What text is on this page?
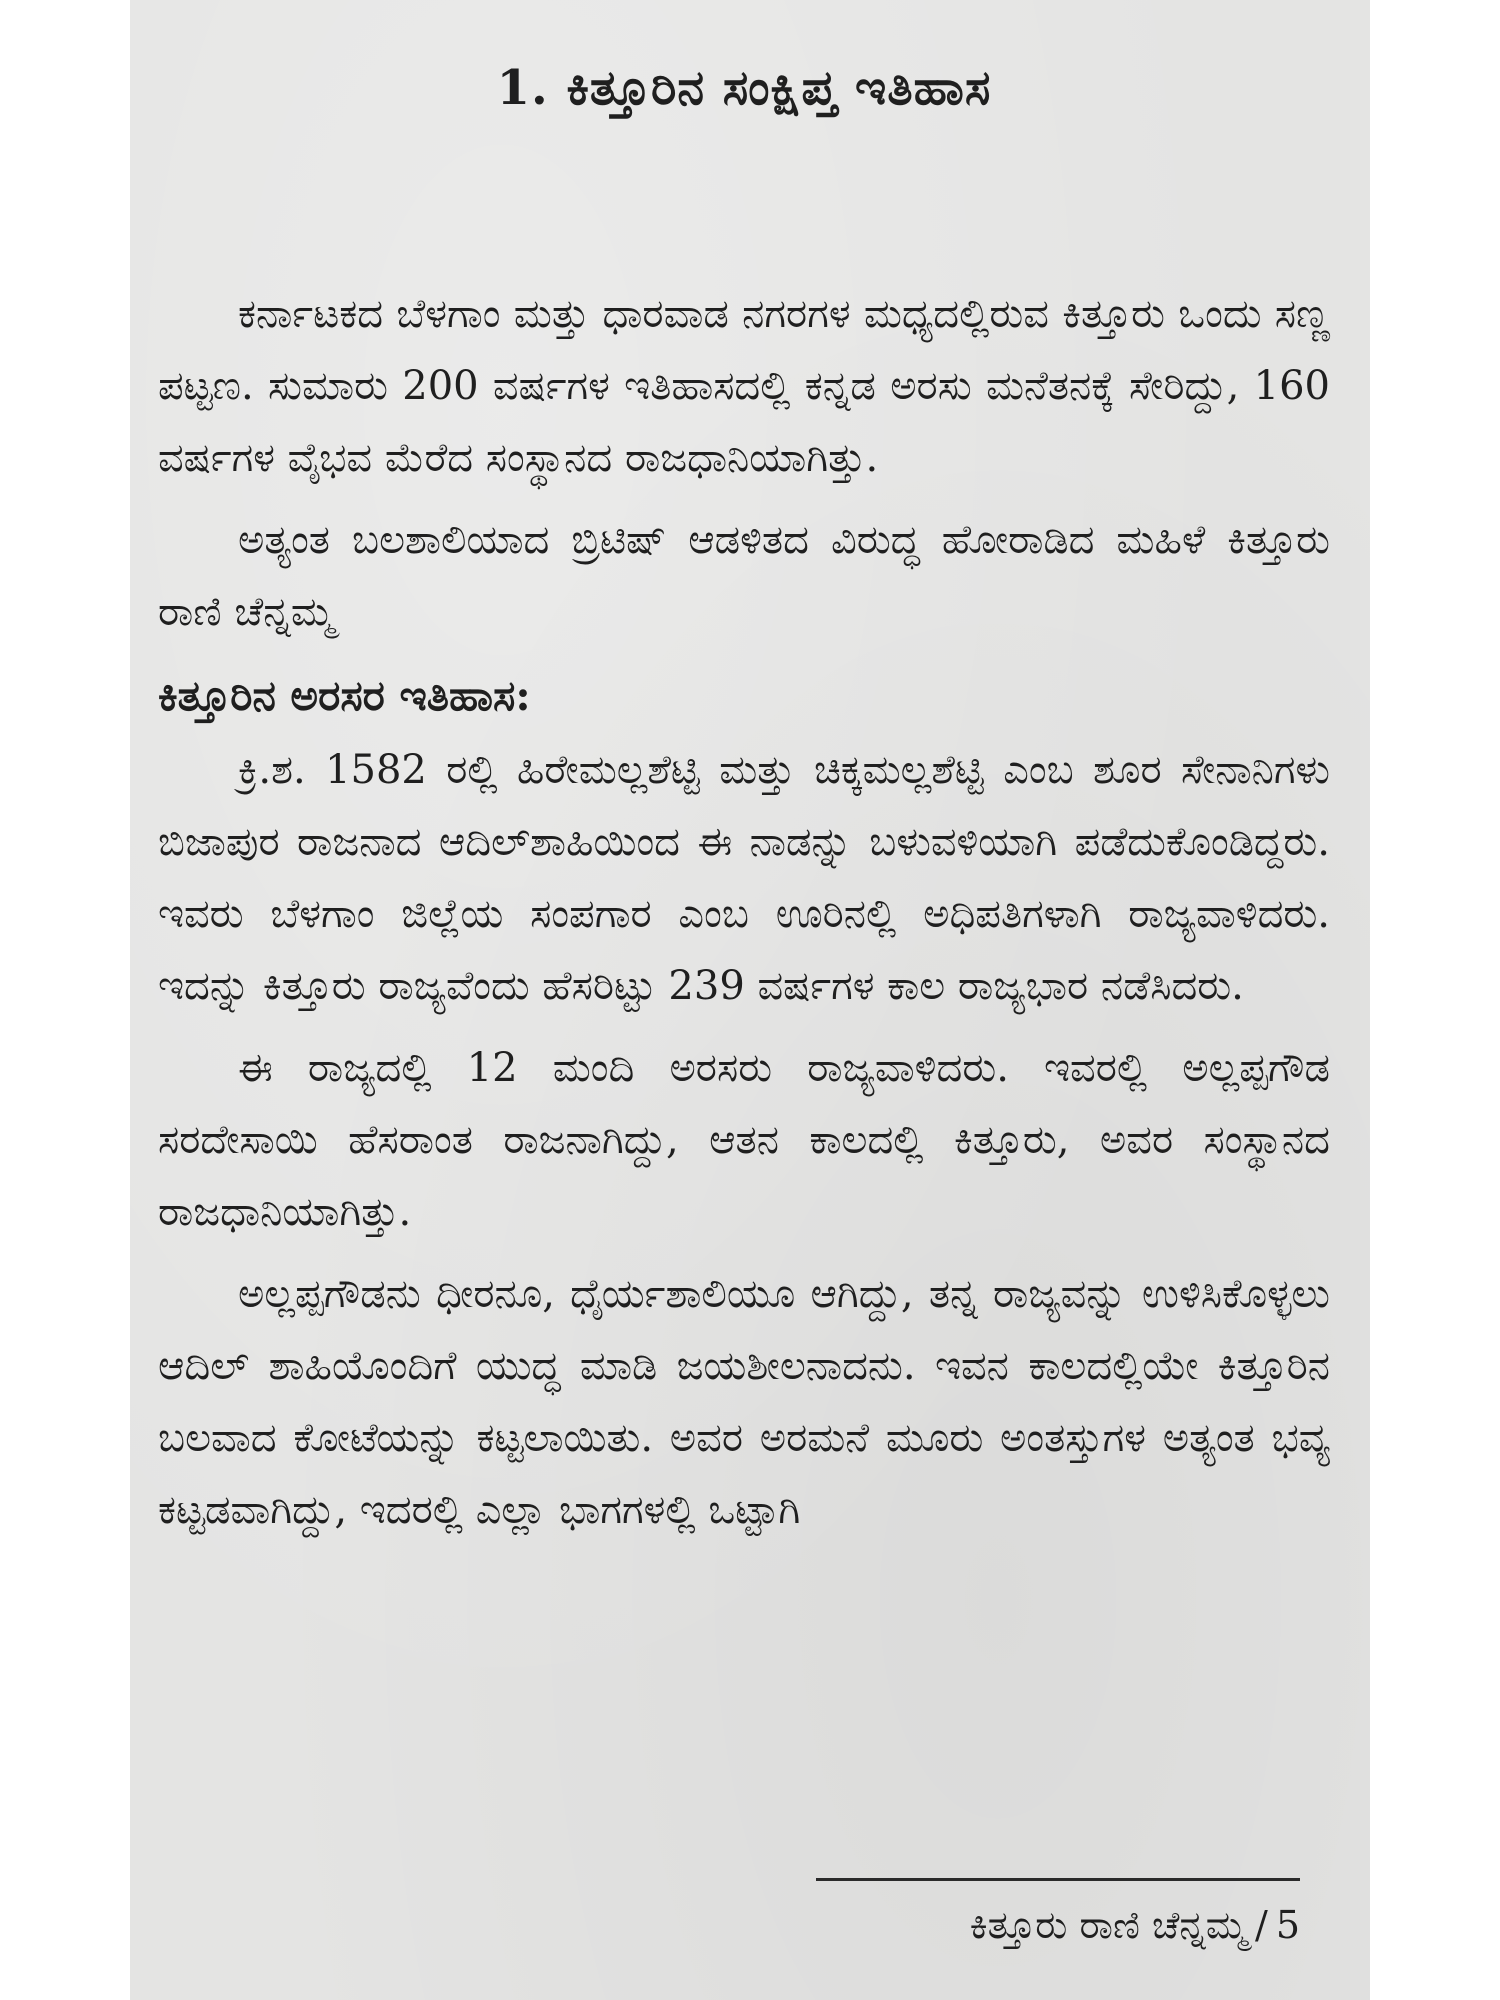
1. ಕಿತ್ತೂರಿನ ಸಂಕ್ಷಿಪ್ತ ಇತಿಹಾಸ

ಕರ್ನಾಟಕದ ಬೆಳಗಾಂ ಮತ್ತು ಧಾರವಾಡ ನಗರಗಳ ಮಧ್ಯದಲ್ಲಿರುವ ಕಿತ್ತೂರು ಒಂದು ಸಣ್ಣ ಪಟ್ಟಣ. ಸುಮಾರು 200 ವರ್ಷಗಳ ಇತಿಹಾಸದಲ್ಲಿ ಕನ್ನಡ ಅರಸು ಮನೆತನಕ್ಕೆ ಸೇರಿದ್ದು, 160 ವರ್ಷಗಳ ವೈಭವ ಮೆರೆದ ಸಂಸ್ಥಾನದ ರಾಜಧಾನಿಯಾಗಿತ್ತು.

ಅತ್ಯಂತ ಬಲಶಾಲಿಯಾದ ಬ್ರಿಟಿಷ್ ಆಡಳಿತದ ವಿರುದ್ಧ ಹೋರಾಡಿದ ಮಹಿಳೆ ಕಿತ್ತೂರು ರಾಣಿ ಚೆನ್ನಮ್ಮ

ಕಿತ್ತೂರಿನ ಅರಸರ ಇತಿಹಾಸ:

ಕ್ರಿ.ಶ. 1582 ರಲ್ಲಿ ಹಿರೇಮಲ್ಲಶೆಟ್ಟಿ ಮತ್ತು ಚಿಕ್ಕಮಲ್ಲಶೆಟ್ಟಿ ಎಂಬ ಶೂರ ಸೇನಾನಿಗಳು ಬಿಜಾಪುರ ರಾಜನಾದ ಆದಿಲ್‌ಶಾಹಿಯಿಂದ ಈ ನಾಡನ್ನು ಬಳುವಳಿಯಾಗಿ ಪಡೆದುಕೊಂಡಿದ್ದರು. ಇವರು ಬೆಳಗಾಂ ಜಿಲ್ಲೆಯ ಸಂಪಗಾರ ಎಂಬ ಊರಿನಲ್ಲಿ ಅಧಿಪತಿಗಳಾಗಿ ರಾಜ್ಯವಾಳಿದರು. ಇದನ್ನು ಕಿತ್ತೂರು ರಾಜ್ಯವೆಂದು ಹೆಸರಿಟ್ಟು 239 ವರ್ಷಗಳ ಕಾಲ ರಾಜ್ಯಭಾರ ನಡೆಸಿದರು.

ಈ ರಾಜ್ಯದಲ್ಲಿ 12 ಮಂದಿ ಅರಸರು ರಾಜ್ಯವಾಳಿದರು. ಇವರಲ್ಲಿ ಅಲ್ಲಪ್ಪಗೌಡ ಸರದೇಸಾಯಿ ಹೆಸರಾಂತ ರಾಜನಾಗಿದ್ದು, ಆತನ ಕಾಲದಲ್ಲಿ ಕಿತ್ತೂರು, ಅವರ ಸಂಸ್ಥಾನದ ರಾಜಧಾನಿಯಾಗಿತ್ತು.

ಅಲ್ಲಪ್ಪಗೌಡನು ಧೀರನೂ, ಧೈರ್ಯಶಾಲಿಯೂ ಆಗಿದ್ದು, ತನ್ನ ರಾಜ್ಯವನ್ನು ಉಳಿಸಿಕೊಳ್ಳಲು ಆದಿಲ್ ಶಾಹಿಯೊಂದಿಗೆ ಯುದ್ಧ ಮಾಡಿ ಜಯಶೀಲನಾದನು. ಇವನ ಕಾಲದಲ್ಲಿಯೇ ಕಿತ್ತೂರಿನ ಬಲವಾದ ಕೋಟೆಯನ್ನು ಕಟ್ಟಲಾಯಿತು. ಅವರ ಅರಮನೆ ಮೂರು ಅಂತಸ್ತುಗಳ ಅತ್ಯಂತ ಭವ್ಯ ಕಟ್ಟಡವಾಗಿದ್ದು, ಇದರಲ್ಲಿ ಎಲ್ಲಾ ಭಾಗಗಳಲ್ಲಿ ಒಟ್ಟಾಗಿ

ಕಿತ್ತೂರು ರಾಣಿ ಚೆನ್ನಮ್ಮ / 5
